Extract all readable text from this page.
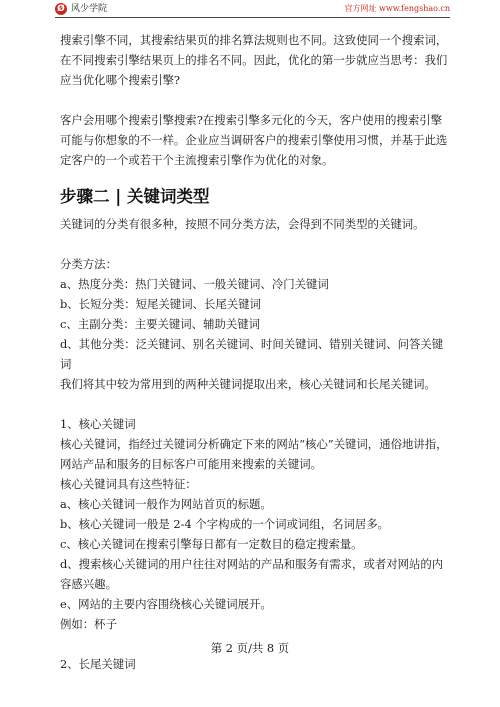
Ø 风少学院	官方网址 www.fengshao.cn

搜索引擎不同，其搜索结果页的排名算法规则也不同。这致使同一个搜索词，在不同搜索引擎结果页上的排名不同。因此，优化的第一步就应当思考：我们应当优化哪个搜索引擎?

客户会用哪个搜索引擎搜索?在搜索引擎多元化的今天，客户使用的搜索引擎可能与你想象的不一样。企业应当调研客户的搜索引擎使用习惯，并基于此选定客户的一个或若干个主流搜索引擎作为优化的对象。

步骤二 | 关键词类型

关键词的分类有很多种，按照不同分类方法，会得到不同类型的关键词。

分类方法：

a、热度分类：热门关键词、一般关键词、冷门关键词

b、长短分类：短尾关键词、长尾关键词

c、主副分类：主要关键词、辅助关键词

d、其他分类：泛关键词、别名关键词、时间关键词、错别关键词、问答关键词

我们将其中较为常用到的两种关键词提取出来，核心关键词和长尾关键词。

1、核心关键词

核心关键词，指经过关键词分析确定下来的网站“核心”关键词，通俗地讲指，网站产品和服务的目标客户可能用来搜索的关键词。

核心关键词具有这些特征：

a、核心关键词一般作为网站首页的标题。

b、核心关键词一般是 2-4 个字构成的一个词或词组，名词居多。

c、核心关键词在搜索引擎每日都有一定数目的稳定搜索量。

d、搜索核心关键词的用户往往对网站的产品和服务有需求，或者对网站的内容感兴趣。

e、网站的主要内容围绕核心关键词展开。

例如：杯子

2、长尾关键词

第 2 页/共 8 页
